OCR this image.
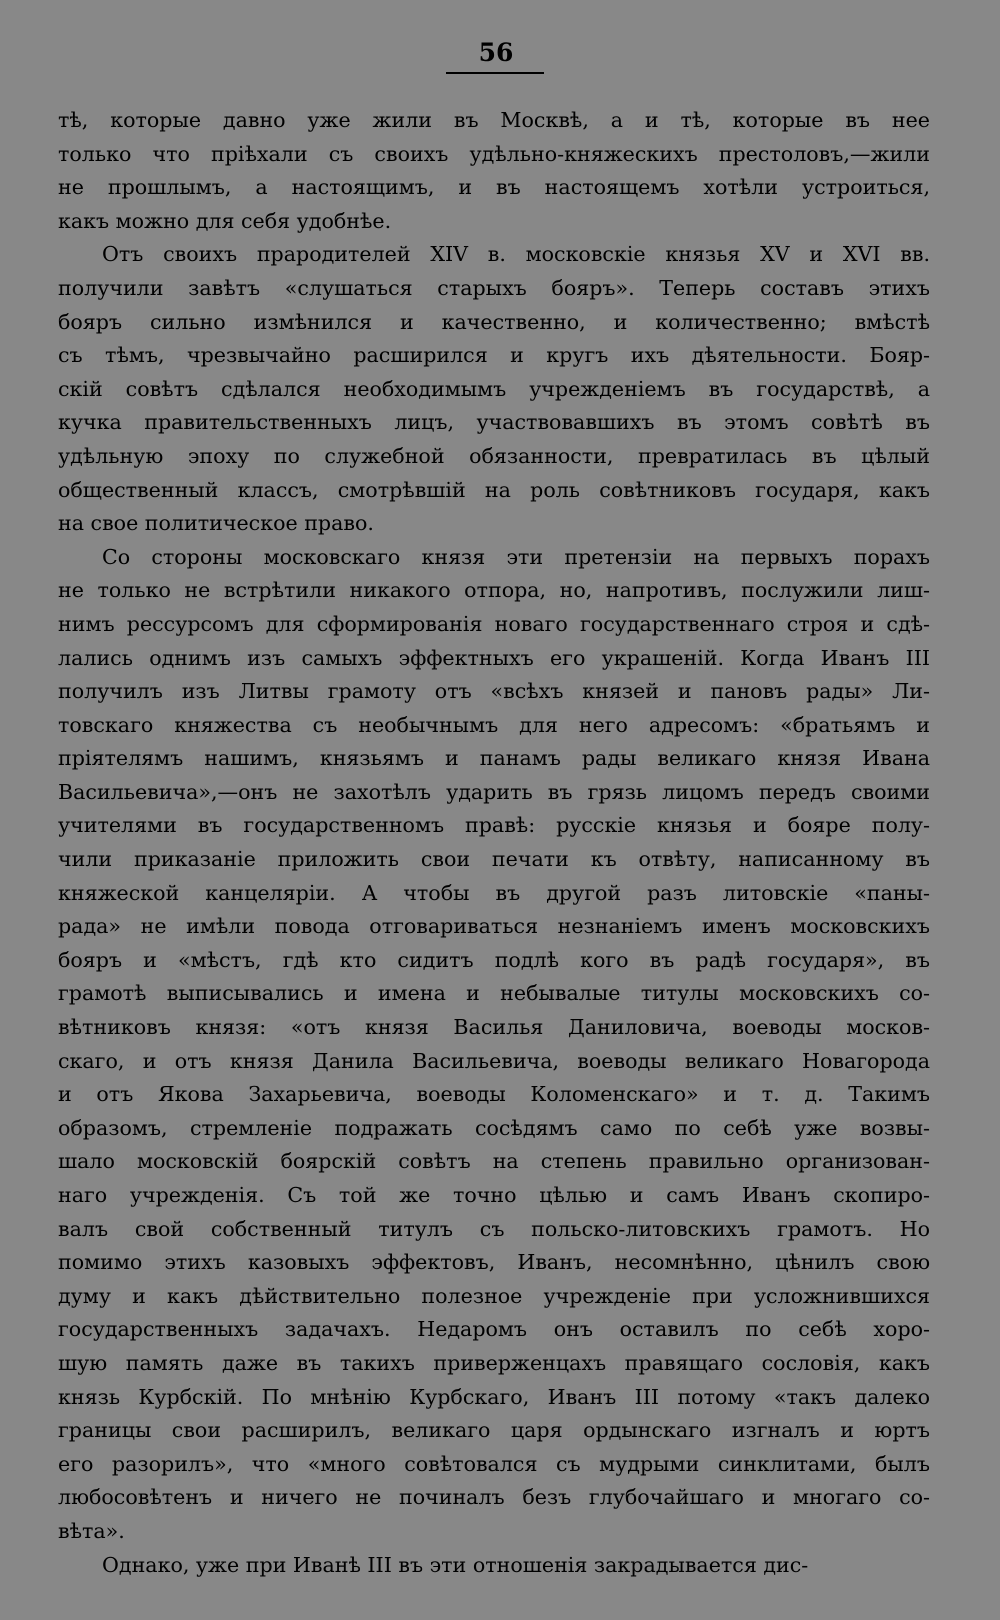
56
тѣ, которые давно уже жили въ Москвѣ, а и тѣ, которые въ нее
только что пріѣхали съ своихъ удѣльно-княжескихъ престоловъ,—жили
не прошлымъ, а настоящимъ, и въ настоящемъ хотѣли устроиться,
какъ можно для себя удобнѣе.
Отъ своихъ прародителей XIV в. московскіе князья XV и XVI вв.
получили завѣтъ «слушаться старыхъ бояръ». Теперь составъ этихъ
бояръ сильно измѣнился и качественно, и количественно; вмѣстѣ
съ тѣмъ, чрезвычайно расширился и кругъ ихъ дѣятельности. Бояр-
скій совѣтъ сдѣлался необходимымъ учрежденіемъ въ государствѣ, а
кучка правительственныхъ лицъ, участвовавшихъ въ этомъ совѣтѣ въ
удѣльную эпоху по служебной обязанности, превратилась въ цѣлый
общественный классъ, смотрѣвшій на роль совѣтниковъ государя, какъ
на свое политическое право.
Со стороны московскаго князя эти претензіи на первыхъ порахъ
не только не встрѣтили никакого отпора, но, напротивъ, послужили лиш-
нимъ рессурсомъ для сформированія новаго государственнаго строя и сдѣ-
лались однимъ изъ самыхъ эффектныхъ его украшеній. Когда Иванъ III
получилъ изъ Литвы грамоту отъ «всѣхъ князей и пановъ рады» Ли-
товскаго княжества съ необычнымъ для него адресомъ: «братьямъ и
пріятелямъ нашимъ, князьямъ и панамъ рады великаго князя Ивана
Васильевича»,—онъ не захотѣлъ ударить въ грязь лицомъ передъ своими
учителями въ государственномъ правѣ: русскіе князья и бояре полу-
чили приказаніе приложить свои печати къ отвѣту, написанному въ
княжеской канцеляріи. А чтобы въ другой разъ литовскіе «паны-
рада» не имѣли повода отговариваться незнаніемъ именъ московскихъ
бояръ и «мѣстъ, гдѣ кто сидитъ подлѣ кого въ радѣ государя», въ
грамотѣ выписывались и имена и небывалые титулы московскихъ со-
вѣтниковъ князя: «отъ князя Василья Даниловича, воеводы москов-
скаго, и отъ князя Данила Васильевича, воеводы великаго Новагорода
и отъ Якова Захарьевича, воеводы Коломенскаго» и т. д. Такимъ
образомъ, стремленіе подражать сосѣдямъ само по себѣ уже возвы-
шало московскій боярскій совѣтъ на степень правильно организован-
наго учрежденія. Съ той же точно цѣлью и самъ Иванъ скопиро-
валъ свой собственный титулъ съ польско-литовскихъ грамотъ. Но
помимо этихъ казовыхъ эффектовъ, Иванъ, несомнѣнно, цѣнилъ свою
думу и какъ дѣйствительно полезное учрежденіе при усложнившихся
государственныхъ задачахъ. Недаромъ онъ оставилъ по себѣ хоро-
шую память даже въ такихъ приверженцахъ правящаго сословія, какъ
князь Курбскій. По мнѣнію Курбскаго, Иванъ III потому «такъ далеко
границы свои расширилъ, великаго царя ордынскаго изгналъ и юртъ
его разорилъ», что «много совѣтовался съ мудрыми синклитами, былъ
любосовѣтенъ и ничего не починалъ безъ глубочайшаго и многаго со-
вѣта».
Однако, уже при Иванѣ III въ эти отношенія закрадывается дис-
